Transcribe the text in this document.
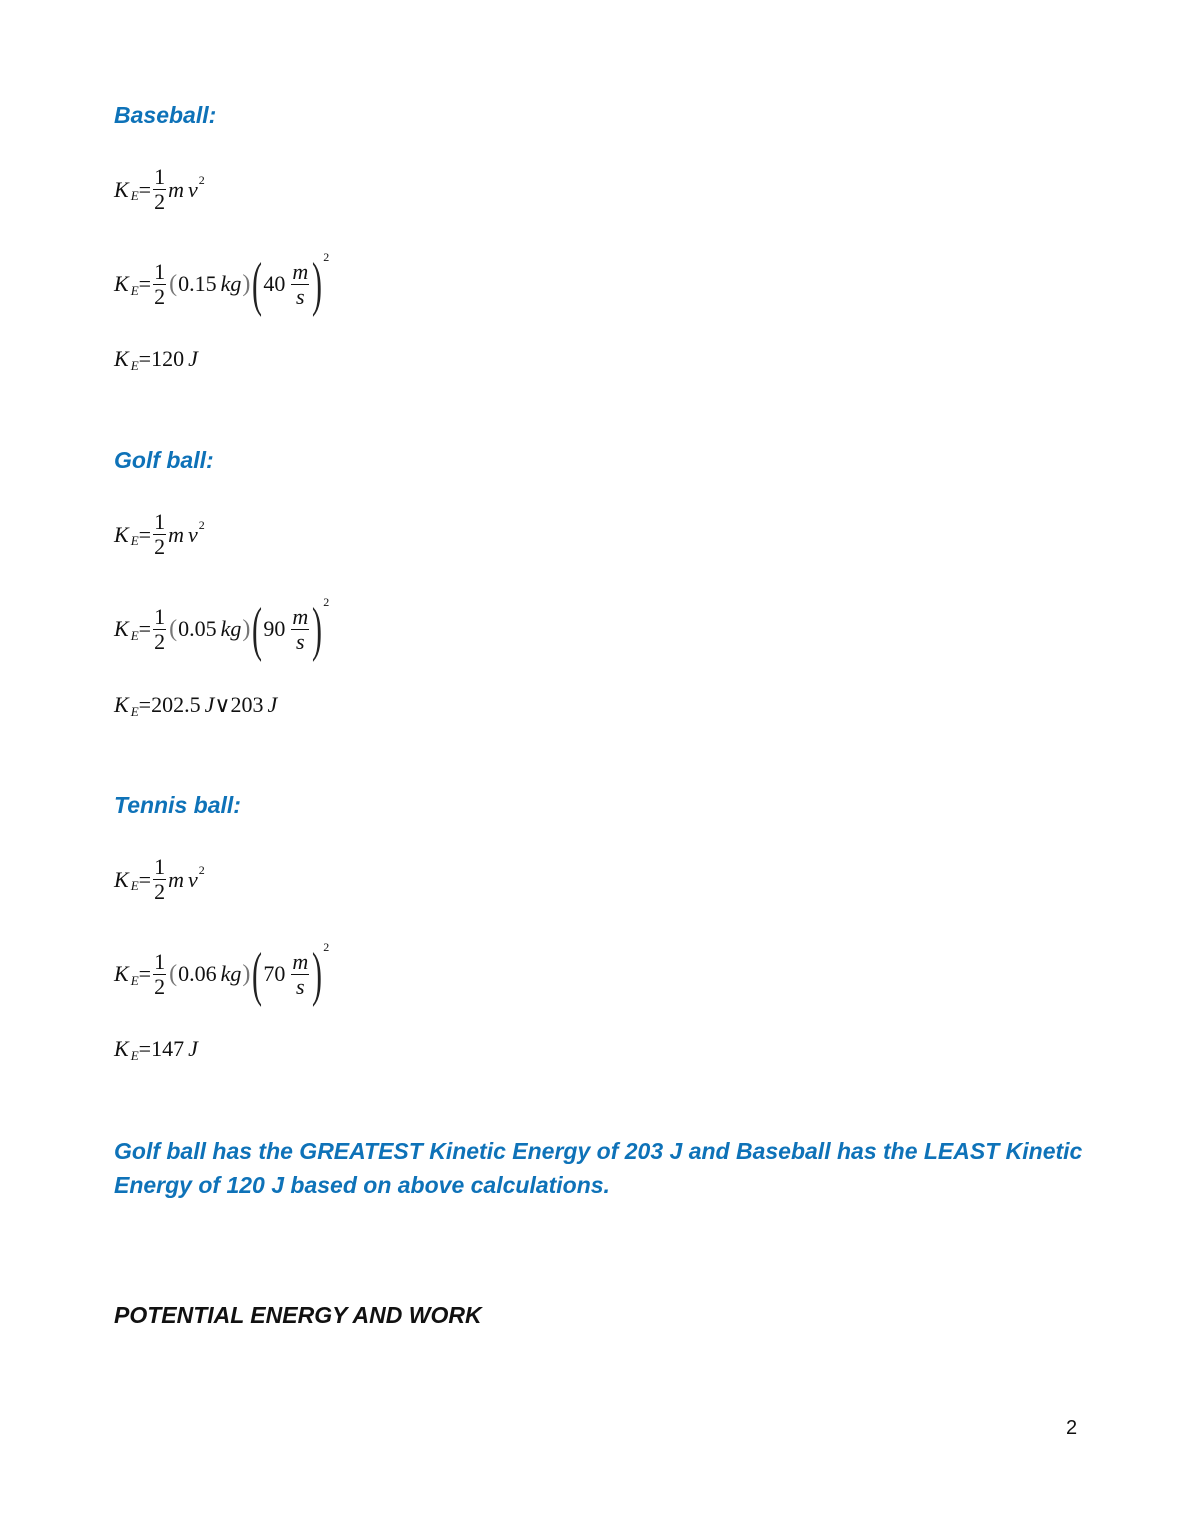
Baseball:
K $E = \frac{1}{2}$ m v 2
K $E = \frac{1}{2}$ ( 0.15 kg ) ( $40 \frac{m}{s}$ ) 2
K E = 120 J
Golf ball:
K $E = \frac{1}{2}$ m v 2
K $E = \frac{1}{2}$ ( 0.05 kg ) ( $90 \frac{m}{s}$ ) 2
K E = 202.5 J ∨ 203 J
Tennis ball:
K $E = \frac{1}{2}$ m v 2
K $E = \frac{1}{2}$ ( 0.06 kg ) ( $70 \frac{m}{s}$ ) 2
K E = 147 J
Golf ball has the GREATEST Kinetic Energy of 203 J and Baseball has the LEAST Kinetic Energy of 120 J based on above calculations.
POTENTIAL ENERGY AND WORK
2
